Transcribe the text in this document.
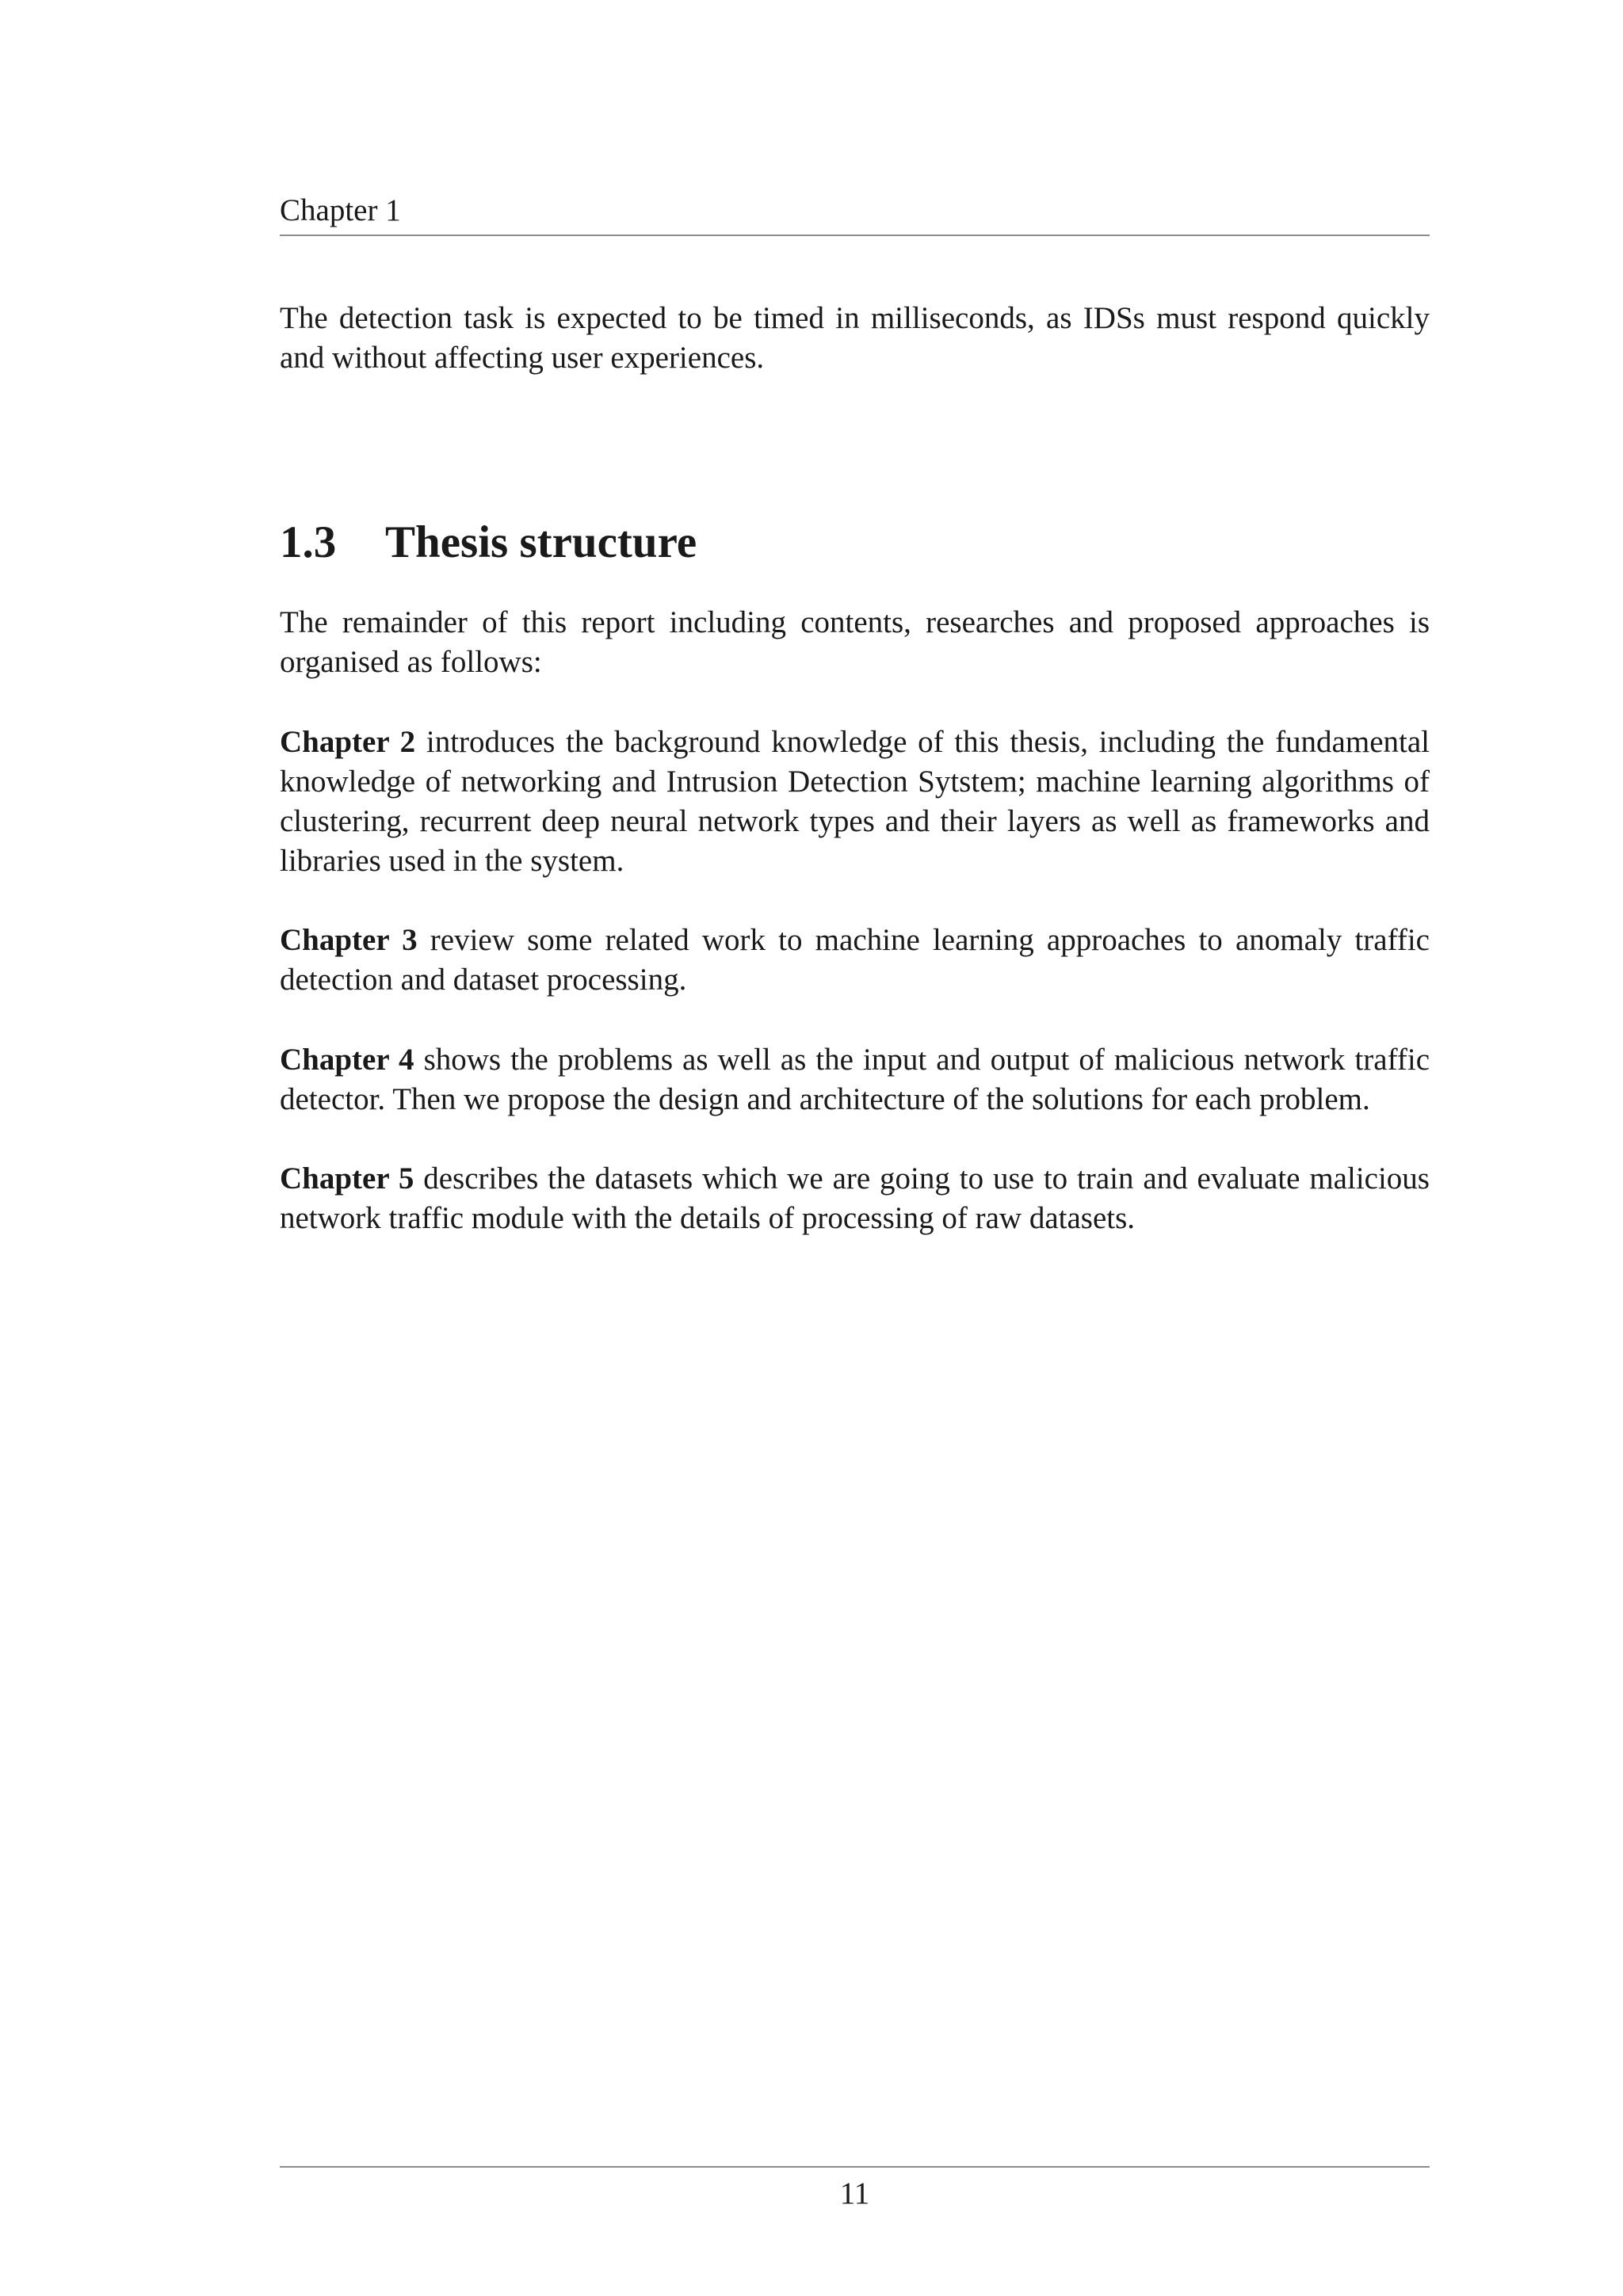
Chapter 1

The detection task is expected to be timed in milliseconds, as IDSs must respond quickly and without affecting user experiences.

1.3 Thesis structure

The remainder of this report including contents, researches and proposed approaches is organised as follows:

Chapter 2 introduces the background knowledge of this thesis, including the fundamental knowledge of networking and Intrusion Detection Sytstem; machine learning algorithms of clustering, recurrent deep neural network types and their layers as well as frameworks and libraries used in the system.

Chapter 3 review some related work to machine learning approaches to anomaly traffic detection and dataset processing.

Chapter 4 shows the problems as well as the input and output of malicious network traffic detector. Then we propose the design and architecture of the solutions for each problem.

Chapter 5 describes the datasets which we are going to use to train and evaluate malicious network traffic module with the details of processing of raw datasets.

11
